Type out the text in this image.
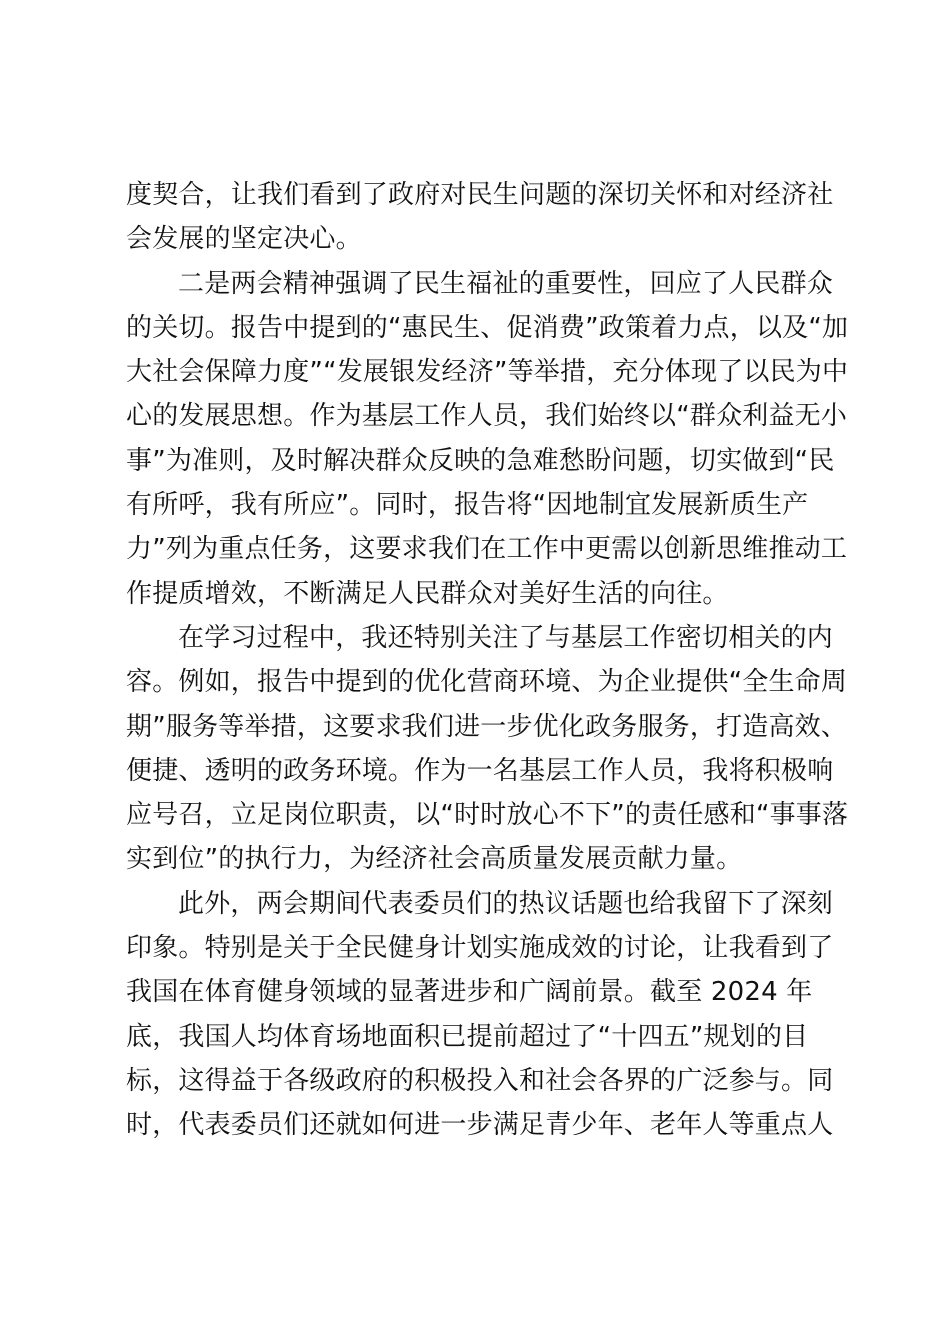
度契合，让我们看到了政府对民生问题的深切关怀和对经济社
会发展的坚定决心。
二是两会精神强调了民生福祉的重要性，回应了人民群众
的关切。报告中提到的“惠民生、促消费”政策着力点，以及“加
大社会保障力度”“发展银发经济”等举措，充分体现了以民为中
心的发展思想。作为基层工作人员，我们始终以“群众利益无小
事”为准则，及时解决群众反映的急难愁盼问题，切实做到“民
有所呼，我有所应”。同时，报告将“因地制宜发展新质生产
力”列为重点任务，这要求我们在工作中更需以创新思维推动工
作提质增效，不断满足人民群众对美好生活的向往。
在学习过程中，我还特别关注了与基层工作密切相关的内
容。例如，报告中提到的优化营商环境、为企业提供“全生命周
期”服务等举措，这要求我们进一步优化政务服务，打造高效、
便捷、透明的政务环境。作为一名基层工作人员，我将积极响
应号召，立足岗位职责，以“时时放心不下”的责任感和“事事落
实到位”的执行力，为经济社会高质量发展贡献力量。
此外，两会期间代表委员们的热议话题也给我留下了深刻
印象。特别是关于全民健身计划实施成效的讨论，让我看到了
我国在体育健身领域的显著进步和广阔前景。截至 2024 年
底，我国人均体育场地面积已提前超过了“十四五”规划的目
标，这得益于各级政府的积极投入和社会各界的广泛参与。同
时，代表委员们还就如何进一步满足青少年、老年人等重点人
